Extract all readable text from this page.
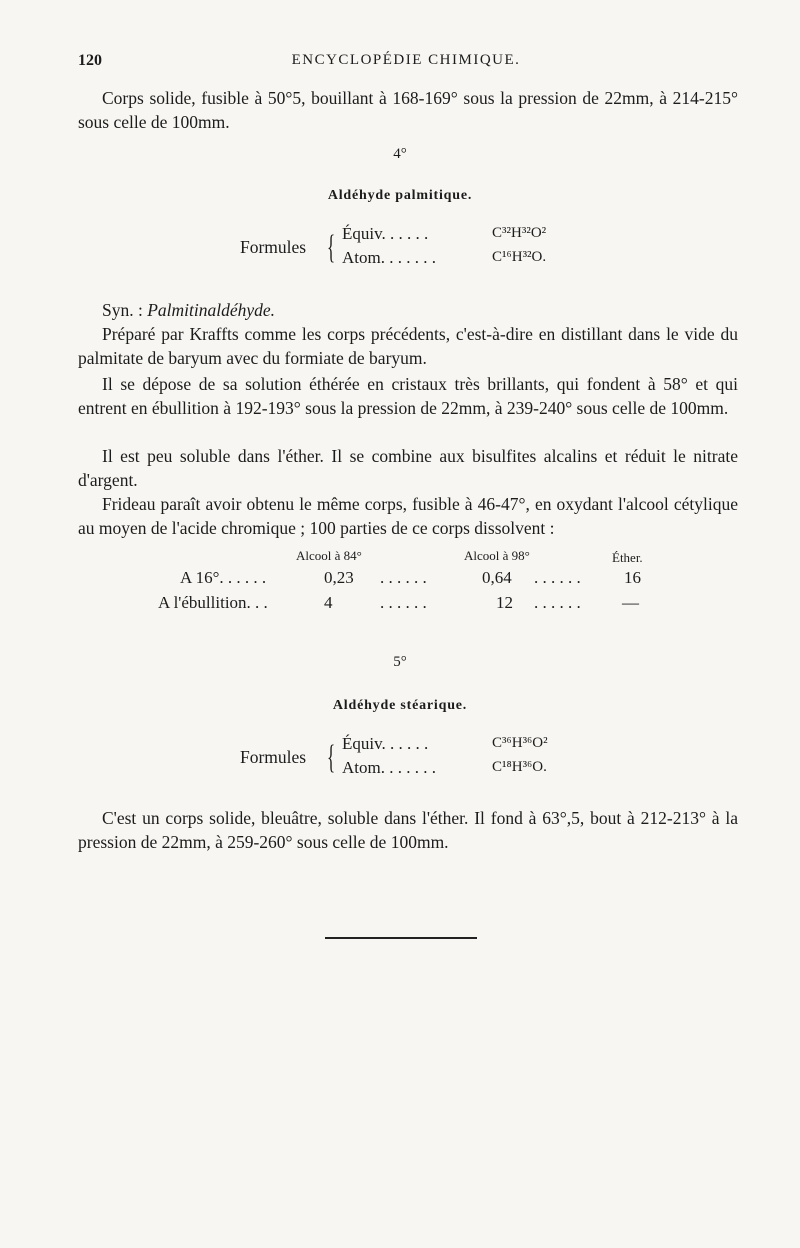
120	ENCYCLOPÉDIE CHIMIQUE.
Corps solide, fusible à 50°5, bouillant à 168-169° sous la pression de 22mm, à 214-215° sous celle de 100mm.
4°
Aldéhyde palmitique.
Formules { Équiv. . . . . .	C³²H³²O²
Atom. . . . . . .	C¹⁶H³²O.
Syn. : Palmitinaldéhyde.
Préparé par Kraffts comme les corps précédents, c'est-à-dire en distillant dans le vide du palmitate de baryum avec du formiate de baryum.
Il se dépose de sa solution éthérée en cristaux très brillants, qui fondent à 58° et qui entrent en ébullition à 192-193° sous la pression de 22mm, à 239-240° sous celle de 100mm.
Il est peu soluble dans l'éther. Il se combine aux bisulfites alcalins et réduit le nitrate d'argent.
Frideau paraît avoir obtenu le même corps, fusible à 46-47°, en oxydant l'alcool cétylique au moyen de l'acide chromique ; 100 parties de ce corps dissolvent :
Alcool à 84°	Alcool à 98°	Éther.
A 16°. . . . . .	0,23 . . . . . .	0,64 . . . . . .	16
A l'ébullition. . .	4	. . . . . .	12 . . . . . . —
5°
Aldéhyde stéarique.
Formules { Équiv. . . . . .	C³⁶H³⁶O²
Atom. . . . . . .	C¹⁸H³⁶O.
C'est un corps solide, bleuâtre, soluble dans l'éther. Il fond à 63°,5, bout à 212-213° à la pression de 22mm, à 259-260° sous celle de 100mm.
